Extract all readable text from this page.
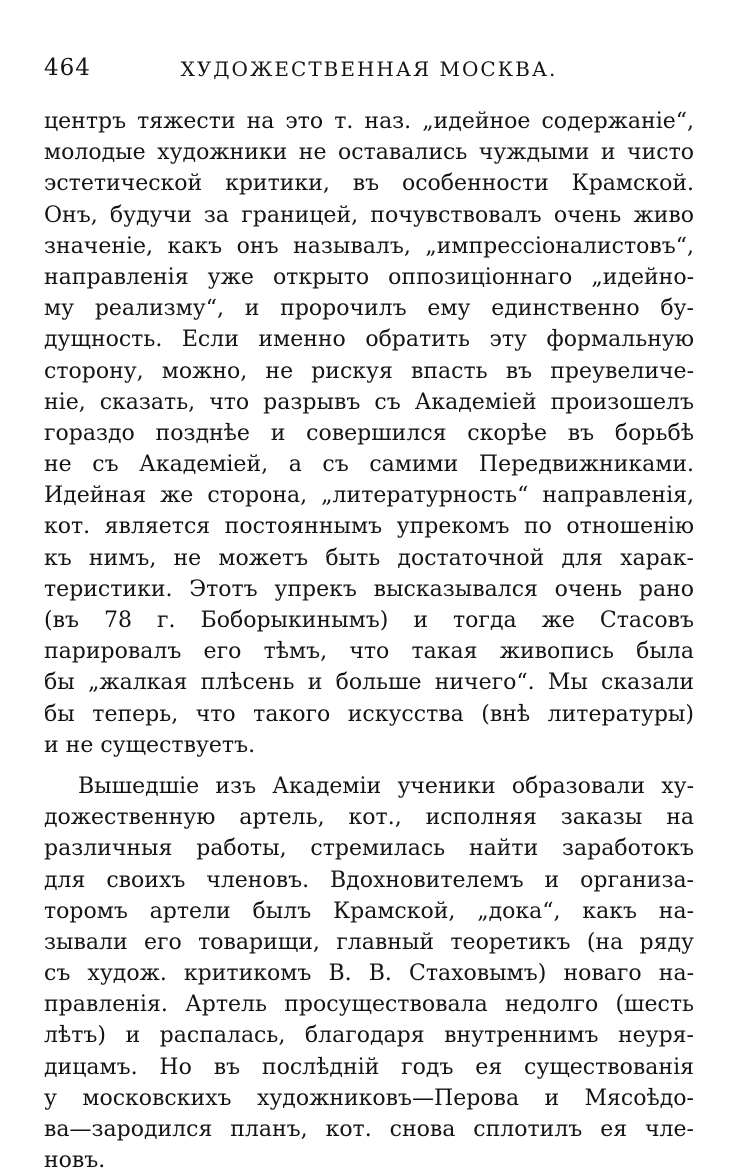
464	ХУДОЖЕСТВЕННАЯ МОСКВА.
центръ тяжести на это т. наз. „идейное содержаніе“,
молодые художники не оставались чуждыми и чисто
эстетической критики, въ особенности Крамской.
Онъ, будучи за границей, почувствовалъ очень живо
значеніе, какъ онъ называлъ, „импрессіоналистовъ“,
направленія уже открыто оппозиціоннаго „идейно-
му реализму“, и пророчилъ ему единственно бу-
дущность. Если именно обратить эту формальную
сторону, можно, не рискуя впасть въ преувеличе-
ніе, сказать, что разрывъ съ Академіей произошелъ
гораздо позднѣе и совершился скорѣе въ борьбѣ
не съ Академіей, а съ самими Передвижниками.
Идейная же сторона, „литературность“ направленія,
кот. является постояннымъ упрекомъ по отношенію
къ нимъ, не можетъ быть достаточной для харак-
теристики. Этотъ упрекъ высказывался очень рано
(въ 78 г. Боборыкинымъ) и тогда же Стасовъ
парировалъ его тѣмъ, что такая живопись была
бы „жалкая плѣсень и больше ничего“. Мы сказали
бы теперь, что такого искусства (внѣ литературы)
и не существуетъ.
Вышедшіе изъ Академіи ученики образовали ху-
дожественную артель, кот., исполняя заказы на
различныя работы, стремилась найти заработокъ
для своихъ членовъ. Вдохновителемъ и организа-
торомъ артели былъ Крамской, „дока“, какъ на-
зывали его товарищи, главный теоретикъ (на ряду
съ худож. критикомъ В. В. Стаховымъ) новаго на-
правленія. Артель просуществовала недолго (шесть
лѣтъ) и распалась, благодаря внутреннимъ неуря-
дицамъ. Но въ послѣдній годъ ея существованія
у московскихъ художниковъ—Перова и Мясоѣдо-
ва—зародился планъ, кот. снова сплотилъ ея чле-
новъ.
